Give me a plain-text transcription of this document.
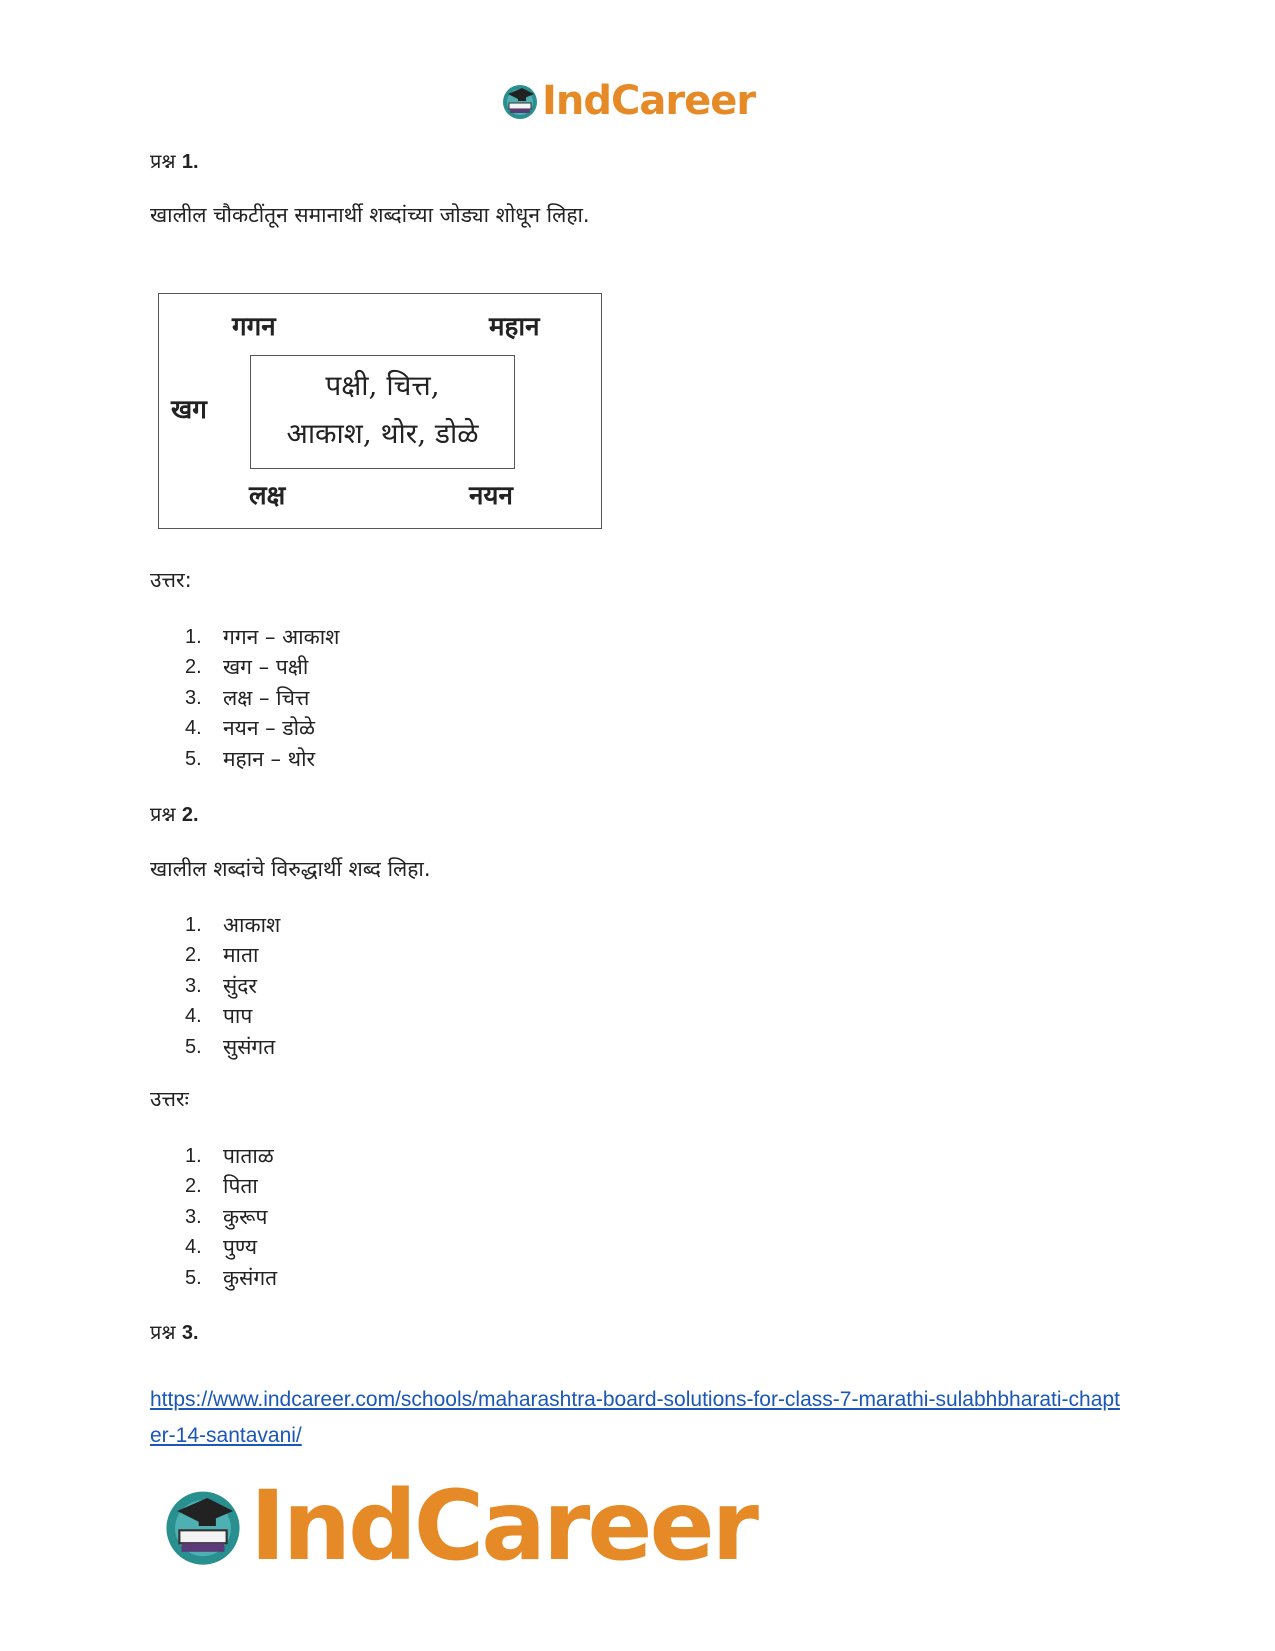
IndCareer
प्रश्न 1.
खालील चौकटींतून समानार्थी शब्दांच्या जोड्या शोधून लिहा.
गगन	महान
खग
लक्ष	नयन
पक्षी, चित्त,
आकाश, थोर, डोळे
उत्तर:
1.	गगन – आकाश
2.	खग – पक्षी
3.	लक्ष – चित्त
4.	नयन – डोळे
5.	महान – थोर
प्रश्न 2.
खालील शब्दांचे विरुद्धार्थी शब्द लिहा.
1.	आकाश
2.	माता
3.	सुंदर
4.	पाप
5.	सुसंगत
उत्तरः
1.	पाताळ
2.	पिता
3.	कुरूप
4.	पुण्य
5.	कुसंगत
प्रश्न 3.
https://www.indcareer.com/schools/maharashtra-board-solutions-for-class-7-marathi-sulabhbharati-chapter-14-santavani/
IndCareer
